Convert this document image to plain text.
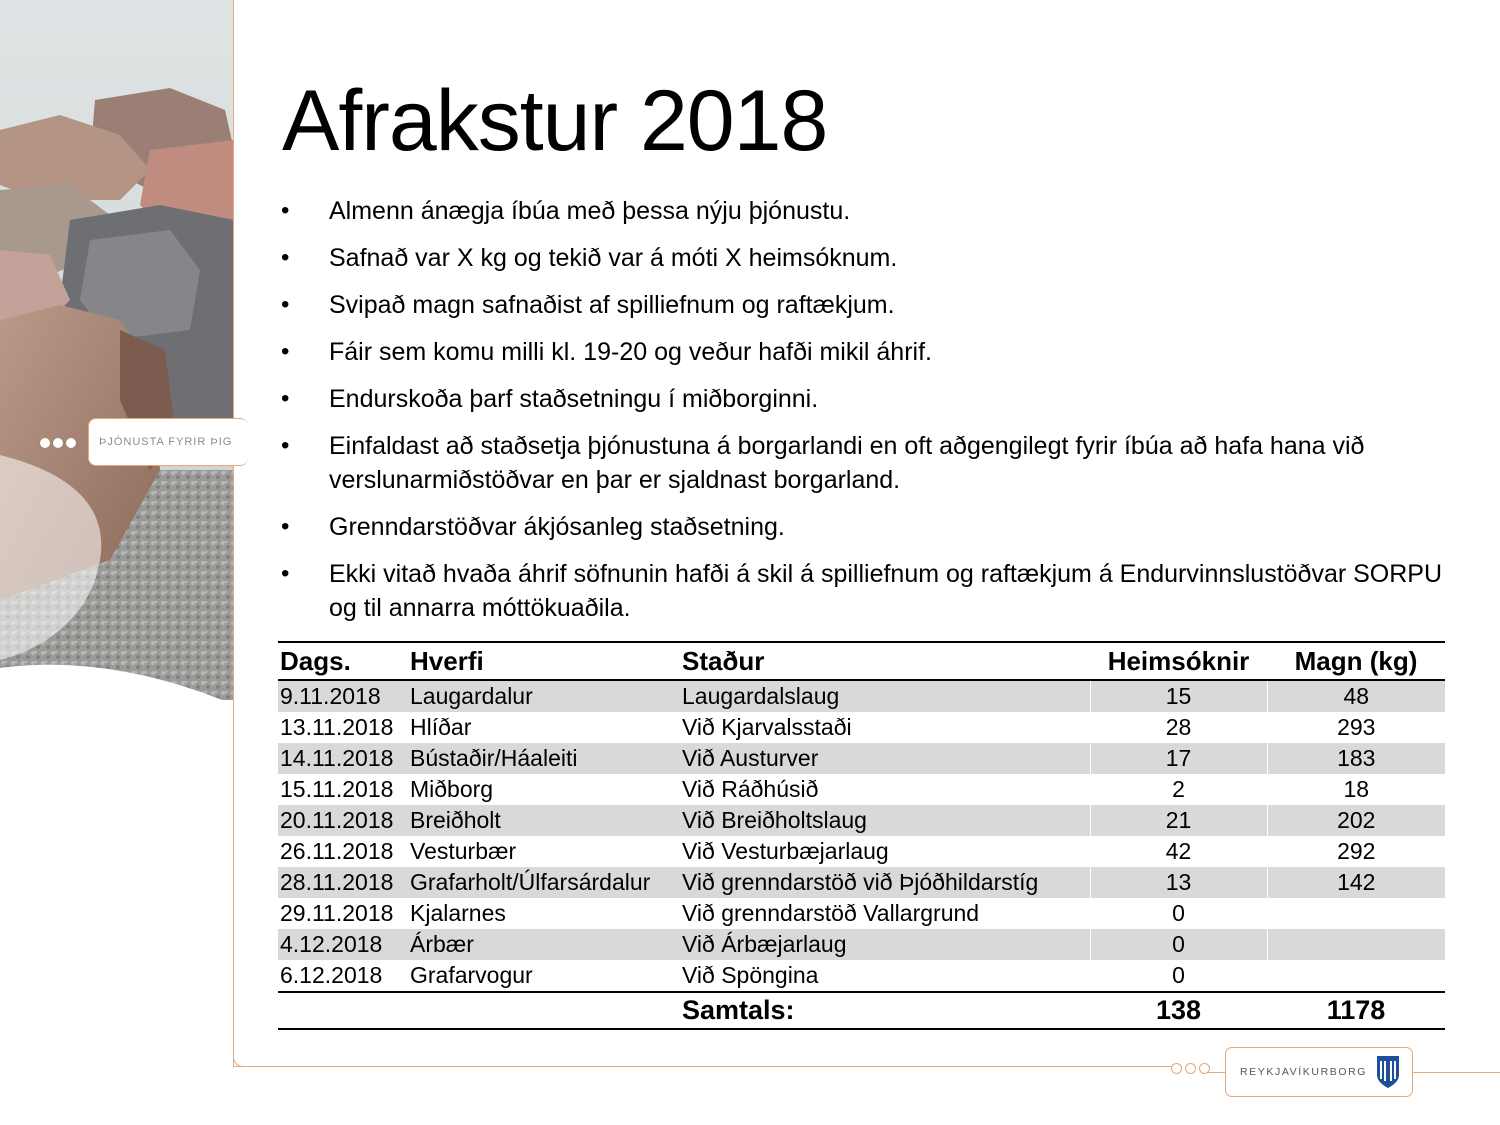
ÞJÓNUSTA FYRIR ÞIG
Afrakstur 2018
• Almenn ánægja íbúa með þessa nýju þjónustu.
• Safnað var X kg og tekið var á móti X heimsóknum.
• Svipað magn safnaðist af spilliefnum og raftækjum.
• Fáir sem komu milli kl. 19-20 og veður hafði mikil áhrif.
• Endurskoða þarf staðsetningu í miðborginni.
• Einfaldast að staðsetja þjónustuna á borgarlandi en oft aðgengilegt fyrir íbúa að hafa hana við verslunarmiðstöðvar en þar er sjaldnast borgarland.
• Grenndarstöðvar ákjósanleg staðsetning.
• Ekki vitað hvaða áhrif söfnunin hafði á skil á spilliefnum og raftækjum á Endurvinnslustöðvar SORPU og til annarra móttökuaðila.
Dags.	Hverfi	Staður	Heimsóknir	Magn (kg)
9.11.2018	Laugardalur	Laugardalslaug	15	48
13.11.2018	Hlíðar	Við Kjarvalsstaði	28	293
14.11.2018	Bústaðir/Háaleiti	Við Austurver	17	183
15.11.2018	Miðborg	Við Ráðhúsið	2	18
20.11.2018	Breiðholt	Við Breiðholtslaug	21	202
26.11.2018	Vesturbær	Við Vesturbæjarlaug	42	292
28.11.2018	Grafarholt/Úlfarsárdalur	Við grenndarstöð við Þjóðhildarstíg	13	142
29.11.2018	Kjalarnes	Við grenndarstöð Vallargrund	0	
4.12.2018	Árbær	Við Árbæjarlaug	0	
6.12.2018	Grafarvogur	Við Spöngina	0	
		Samtals:	138	1178
REYKJAVÍKURBORG
